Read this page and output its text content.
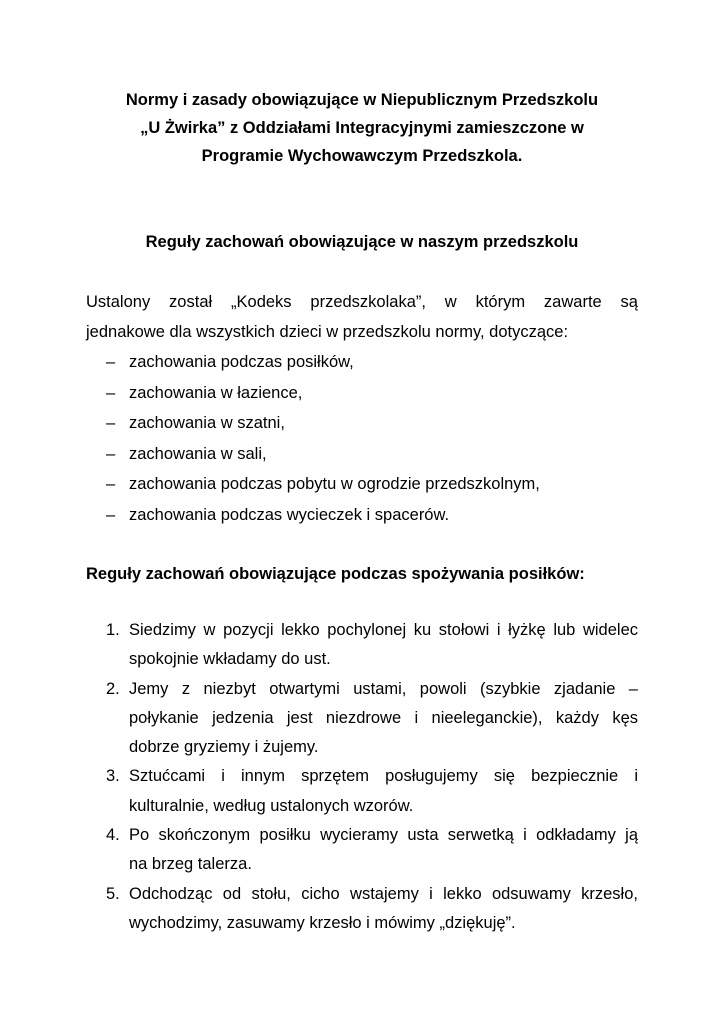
Normy i zasady obowiązujące w Niepublicznym Przedszkolu
„U Żwirka” z Oddziałami Integracyjnymi zamieszczone w
Programie Wychowawczym Przedszkola.
Reguły zachowań obowiązujące w naszym przedszkolu
Ustalony został „Kodeks przedszkolaka”, w którym zawarte są
jednakowe dla wszystkich dzieci w przedszkolu normy, dotyczące:
– zachowania podczas posiłków,
– zachowania w łazience,
– zachowania w szatni,
– zachowania w sali,
– zachowania podczas pobytu w ogrodzie przedszkolnym,
– zachowania podczas wycieczek i spacerów.
Reguły zachowań obowiązujące podczas spożywania posiłków:
1. Siedzimy w pozycji lekko pochylonej ku stołowi i łyżkę lub widelec
spokojnie wkładamy do ust.
2. Jemy z niezbyt otwartymi ustami, powoli (szybkie zjadanie –
połykanie jedzenia jest niezdrowe i nieeleganckie), każdy kęs
dobrze gryziemy i żujemy.
3. Sztućcami i innym sprzętem posługujemy się bezpiecznie i
kulturalnie, według ustalonych wzorów.
4. Po skończonym posiłku wycieramy usta serwetką i odkładamy ją
na brzeg talerza.
5. Odchodząc od stołu, cicho wstajemy i lekko odsuwamy krzesło,
wychodzimy, zasuwamy krzesło i mówimy „dziękuję”.
